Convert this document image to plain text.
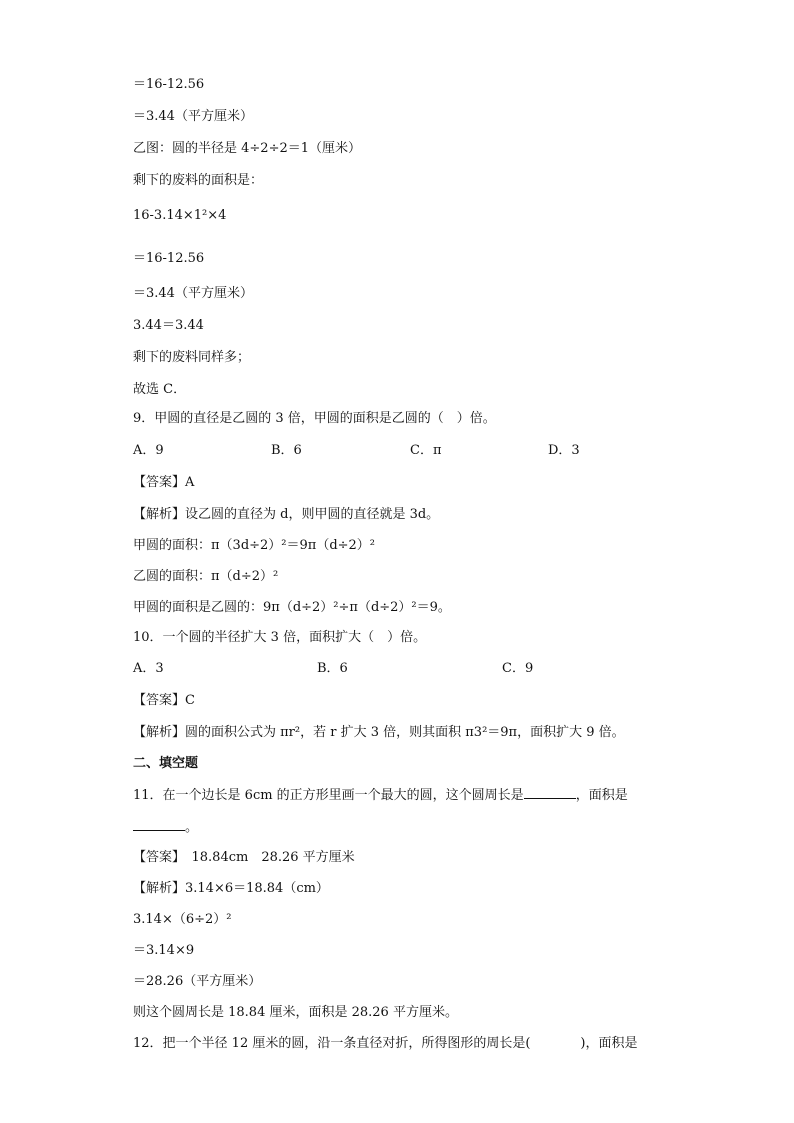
＝16-12.56

＝3.44（平方厘米）

乙图：圆的半径是 4÷2÷2＝1（厘米）

剩下的废料的面积是：

16-3.14×1²×4

＝16-12.56

＝3.44（平方厘米）

3.44＝3.44

剩下的废料同样多；

故选 C．

9．甲圆的直径是乙圆的 3 倍，甲圆的面积是乙圆的（　）倍。

A．9	B．6	C．π	D．3

【答案】A

【解析】设乙圆的直径为 d，则甲圆的直径就是 3d。

甲圆的面积：π（3d÷2）²＝9π（d÷2）²

乙圆的面积：π（d÷2）²

甲圆的面积是乙圆的：9π（d÷2）²÷π（d÷2）²＝9。

10．一个圆的半径扩大 3 倍，面积扩大（　）倍。

A．3	B．6	C．9

【答案】C

【解析】圆的面积公式为 πr²，若 r 扩大 3 倍，则其面积 π3²＝9π，面积扩大 9 倍。

二、填空题

11．在一个边长是 6cm 的正方形里画一个最大的圆，这个圆周长是	，面积是

。

【答案】　18.84cm　28.26 平方厘米

【解析】3.14×6＝18.84（cm）

3.14×（6÷2）²

＝3.14×9

＝28.26（平方厘米）

则这个圆周长是 18.84 厘米，面积是 28.26 平方厘米。

12．把一个半径 12 厘米的圆，沿一条直径对折，所得图形的周长是(	)，面积是
